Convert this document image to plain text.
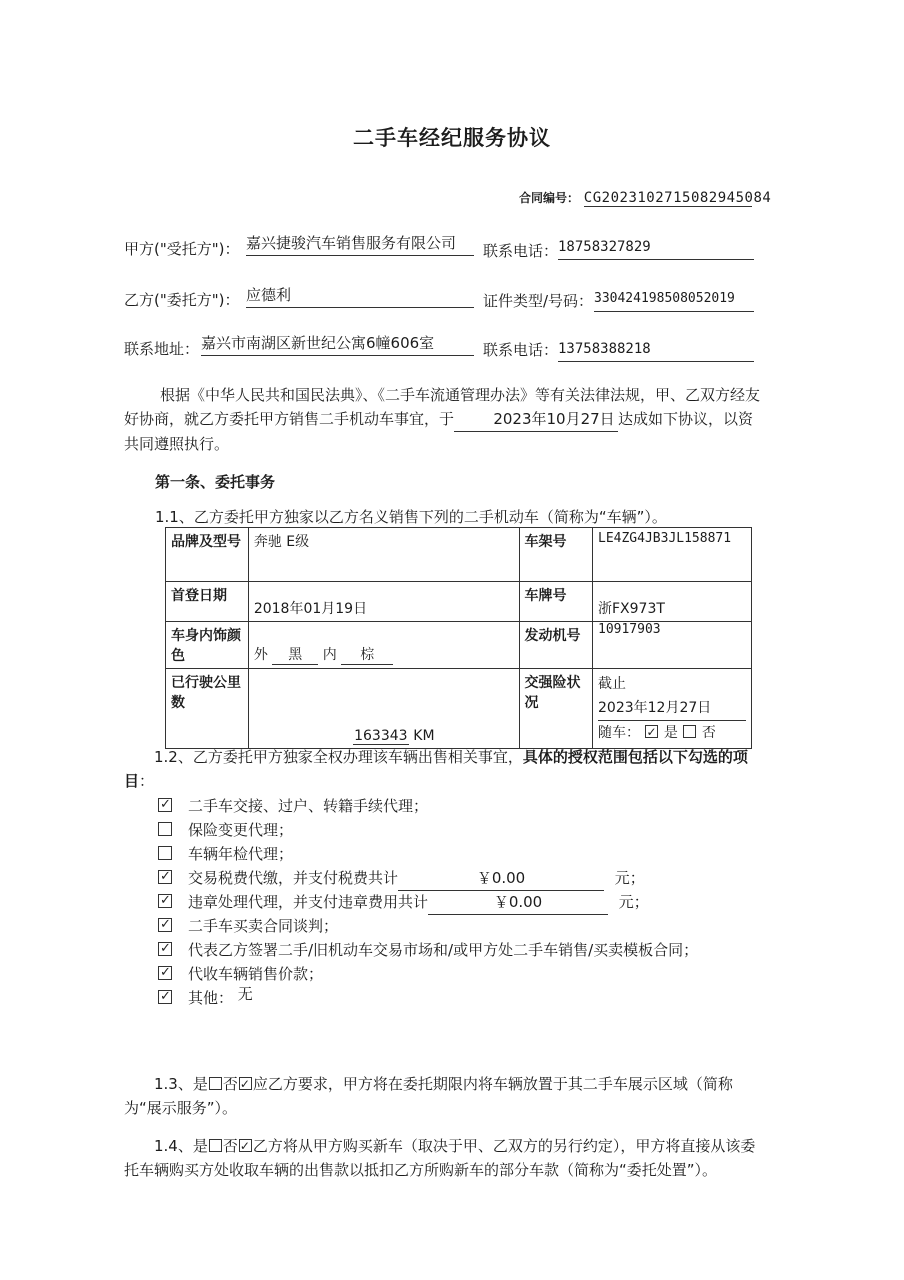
二手车经纪服务协议
合同编号： CG2023102715082945084
甲方("受托方")： 嘉兴捷骏汽车销售服务有限公司	联系电话： 18758327829
乙方("委托方")： 应德利	证件类型/号码： 330424198508052019
联系地址： 嘉兴市南湖区新世纪公寓6幢606室	联系电话： 13758388218
根据《中华人民共和国民法典》、《二手车流通管理办法》等有关法律法规，甲、乙双方经友好协商，就乙方委托甲方销售二手机动车事宜，于	2023年10月27日 达成如下协议，以资共同遵照执行。
第一条、委托事务
1.1、乙方委托甲方独家以乙方名义销售下列的二手机动车（简称为“车辆”）。
品牌及型号	奔驰 E级	车架号	LE4ZG4JB3JL158871
首登日期	2018年01月19日	车牌号	浙FX973T
车身内饰颜色	外 黑 内 棕	发动机号	10917903
已行驶公里数	163343 KM	交强险状况	截止 2023年12月27日
随车： ✓ 是 否
1.2、乙方委托甲方独家全权办理该车辆出售相关事宜，具体的授权范围包括以下勾选的项目：
✓二手车交接、过户、转籍手续代理；
保险变更代理；
车辆年检代理；
✓交易税费代缴，并支付税费共计	￥0.00	元；
✓违章处理代理，并支付违章费用共计	￥0.00	元；
✓二手车买卖合同谈判；
✓代表乙方签署二手/旧机动车交易市场和/或甲方处二手车销售/买卖模板合同；
✓代收车辆销售价款；
✓其他： 无
1.3、是 ✓ 否 应乙方要求，甲方将在委托期限内将车辆放置于其二手车展示区域（简称为“展示服务”）。
1.4、是 ✓ 否 乙方将从甲方购买新车（取决于甲、乙双方的另行约定），甲方将直接从该委托车辆购买方处收取车辆的出售款以抵扣乙方所购新车的部分车款（简称为“委托处置”）。
